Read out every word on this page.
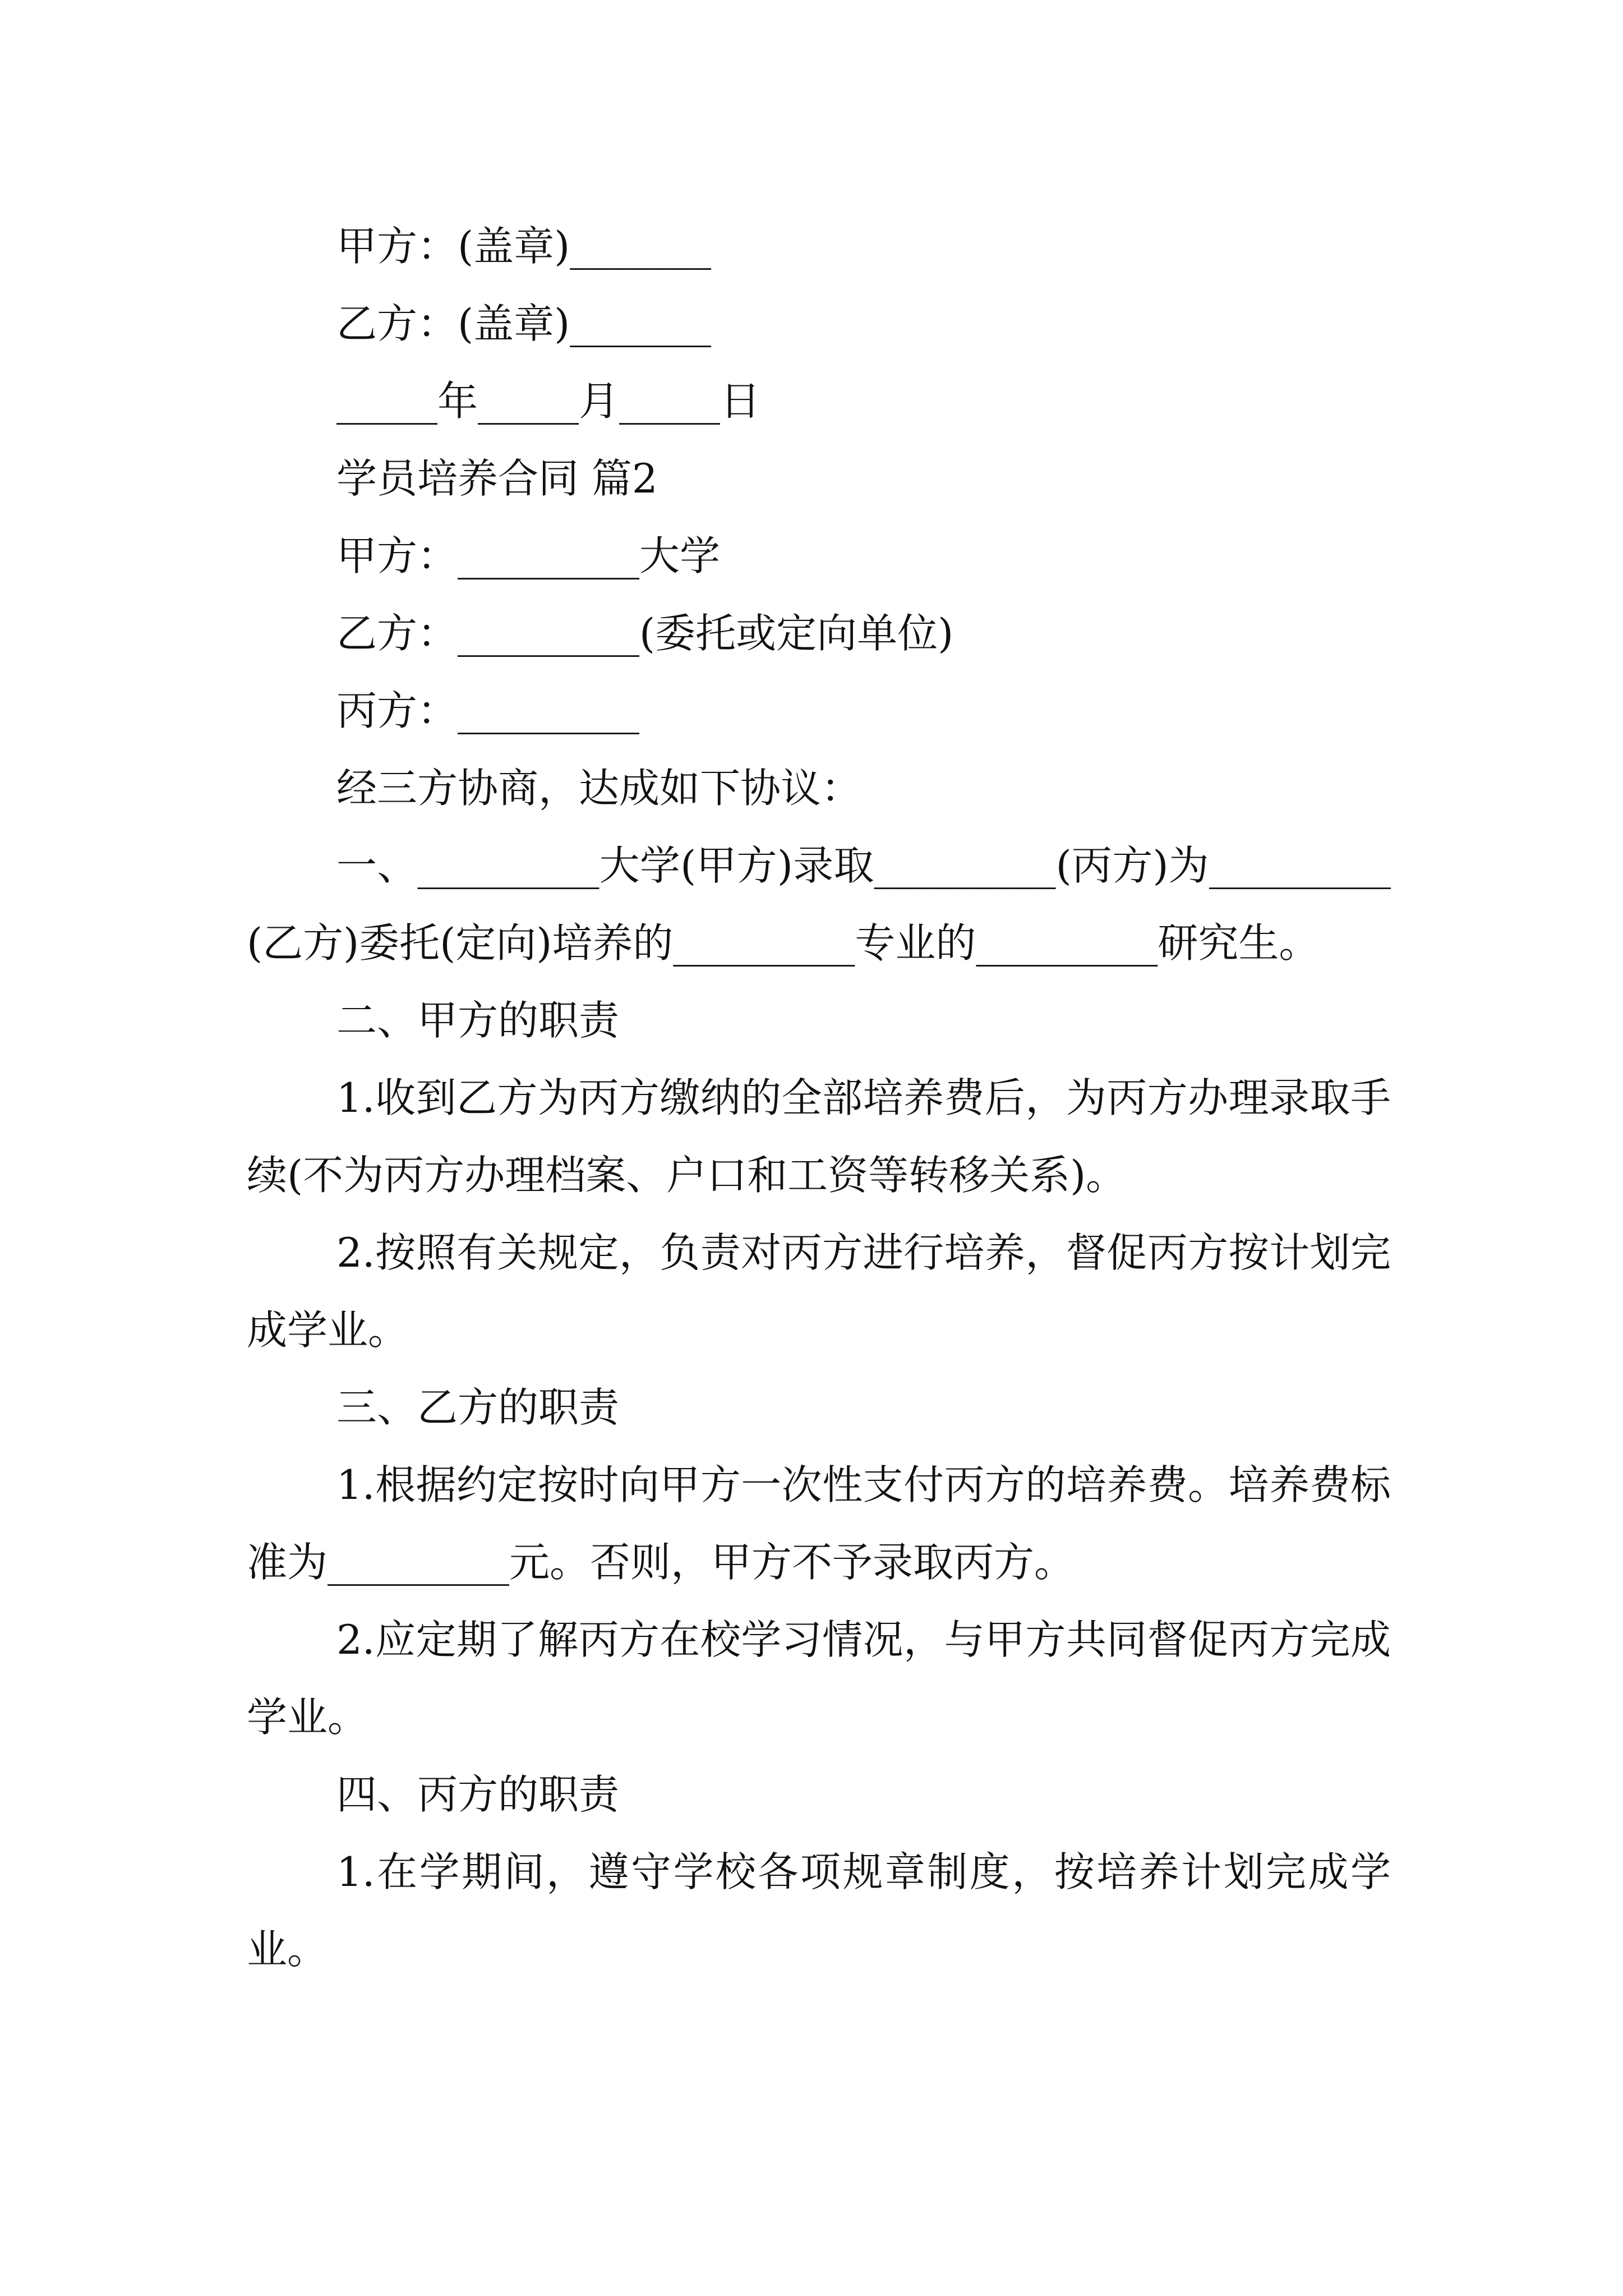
甲方：(盖章)_______

乙方：(盖章)_______

_____年_____月_____日

学员培养合同 篇2

甲方：_________大学

乙方：_________(委托或定向单位)

丙方：_________

经三方协商，达成如下协议：

一、_________大学(甲方)录取_________(丙方)为_________(乙方)委托(定向)培养的_________专业的_________研究生。

二、甲方的职责

1.收到乙方为丙方缴纳的全部培养费后，为丙方办理录取手续(不为丙方办理档案、户口和工资等转移关系)。

2.按照有关规定，负责对丙方进行培养，督促丙方按计划完成学业。

三、乙方的职责

1.根据约定按时向甲方一次性支付丙方的培养费。培养费标准为_________元。否则，甲方不予录取丙方。

2.应定期了解丙方在校学习情况，与甲方共同督促丙方完成学业。

四、丙方的职责

1.在学期间，遵守学校各项规章制度，按培养计划完成学业。
